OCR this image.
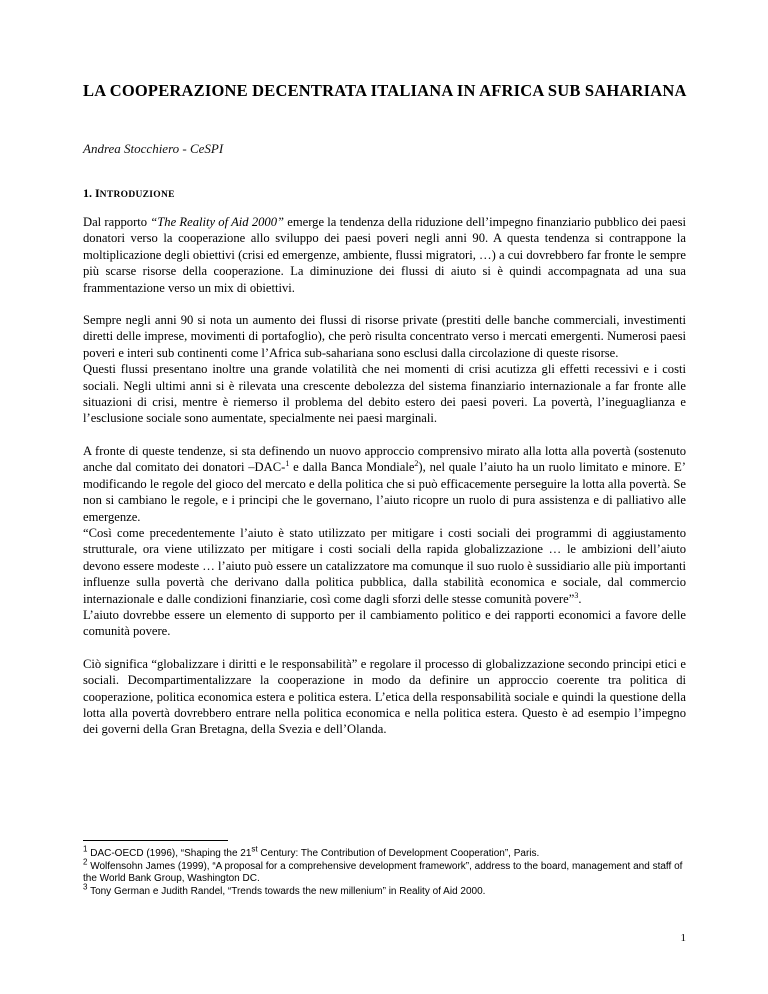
LA COOPERAZIONE DECENTRATA ITALIANA IN AFRICA SUB SAHARIANA
Andrea Stocchiero - CeSPI
1. INTRODUZIONE

Dal rapporto “The Reality of Aid 2000” emerge la tendenza della riduzione dell’impegno finanziario pubblico dei paesi donatori verso la cooperazione allo sviluppo dei paesi poveri negli anni 90. A questa tendenza si contrappone la moltiplicazione degli obiettivi (crisi ed emergenze, ambiente, flussi migratori, …) a cui dovrebbero far fronte le sempre più scarse risorse della cooperazione. La diminuzione dei flussi di aiuto si è quindi accompagnata ad una sua frammentazione verso un mix di obiettivi.

Sempre negli anni 90 si nota un aumento dei flussi di risorse private (prestiti delle banche commerciali, investimenti diretti delle imprese, movimenti di portafoglio), che però risulta concentrato verso i mercati emergenti. Numerosi paesi poveri e interi sub continenti come l’Africa sub-sahariana sono esclusi dalla circolazione di queste risorse.

Questi flussi presentano inoltre una grande volatilità che nei momenti di crisi acutizza gli effetti recessivi e i costi sociali. Negli ultimi anni si è rilevata una crescente debolezza del sistema finanziario internazionale a far fronte alle situazioni di crisi, mentre è riemerso il problema del debito estero dei paesi poveri. La povertà, l’ineguaglianza e l’esclusione sociale sono aumentate, specialmente nei paesi marginali.

A fronte di queste tendenze, si sta definendo un nuovo approccio comprensivo mirato alla lotta alla povertà (sostenuto anche dal comitato dei donatori –DAC-$^1$ e dalla Banca Mondiale$^2$), nel quale l’aiuto ha un ruolo limitato e minore. E’ modificando le regole del gioco del mercato e della politica che si può efficacemente perseguire la lotta alla povertà. Se non si cambiano le regole, e i principi che le governano, l’aiuto ricopre un ruolo di pura assistenza e di palliativo alle emergenze.

“Così come precedentemente l’aiuto è stato utilizzato per mitigare i costi sociali dei programmi di aggiustamento strutturale, ora viene utilizzato per mitigare i costi sociali della rapida globalizzazione … le ambizioni dell’aiuto devono essere modeste … l’aiuto può essere un catalizzatore ma comunque il suo ruolo è sussidiario alle più importanti influenze sulla povertà che derivano dalla politica pubblica, dalla stabilità economica e sociale, dal commercio internazionale e dalle condizioni finanziarie, così come dagli sforzi delle stesse comunità povere”$^3$.

L’aiuto dovrebbe essere un elemento di supporto per il cambiamento politico e dei rapporti economici a favore delle comunità povere.

Ciò significa “globalizzare i diritti e le responsabilità” e regolare il processo di globalizzazione secondo principi etici e sociali. Decompartimentalizzare la cooperazione in modo da definire un approccio coerente tra politica di cooperazione, politica economica estera e politica estera. L’etica della responsabilità sociale e quindi la questione della lotta alla povertà dovrebbero entrare nella politica economica e nella politica estera. Questo è ad esempio l’impegno dei governi della Gran Bretagna, della Svezia e dell’Olanda.

$^1$ DAC-OECD (1996), “Shaping the 21st Century: The Contribution of Development Cooperation”, Paris.

$^2$ Wolfensohn James (1999), “A proposal for a comprehensive development framework”, address to the board, management and staff of the World Bank Group, Washington DC.

$^3$ Tony German e Judith Randel, “Trends towards the new millenium” in Reality of Aid 2000.

1
